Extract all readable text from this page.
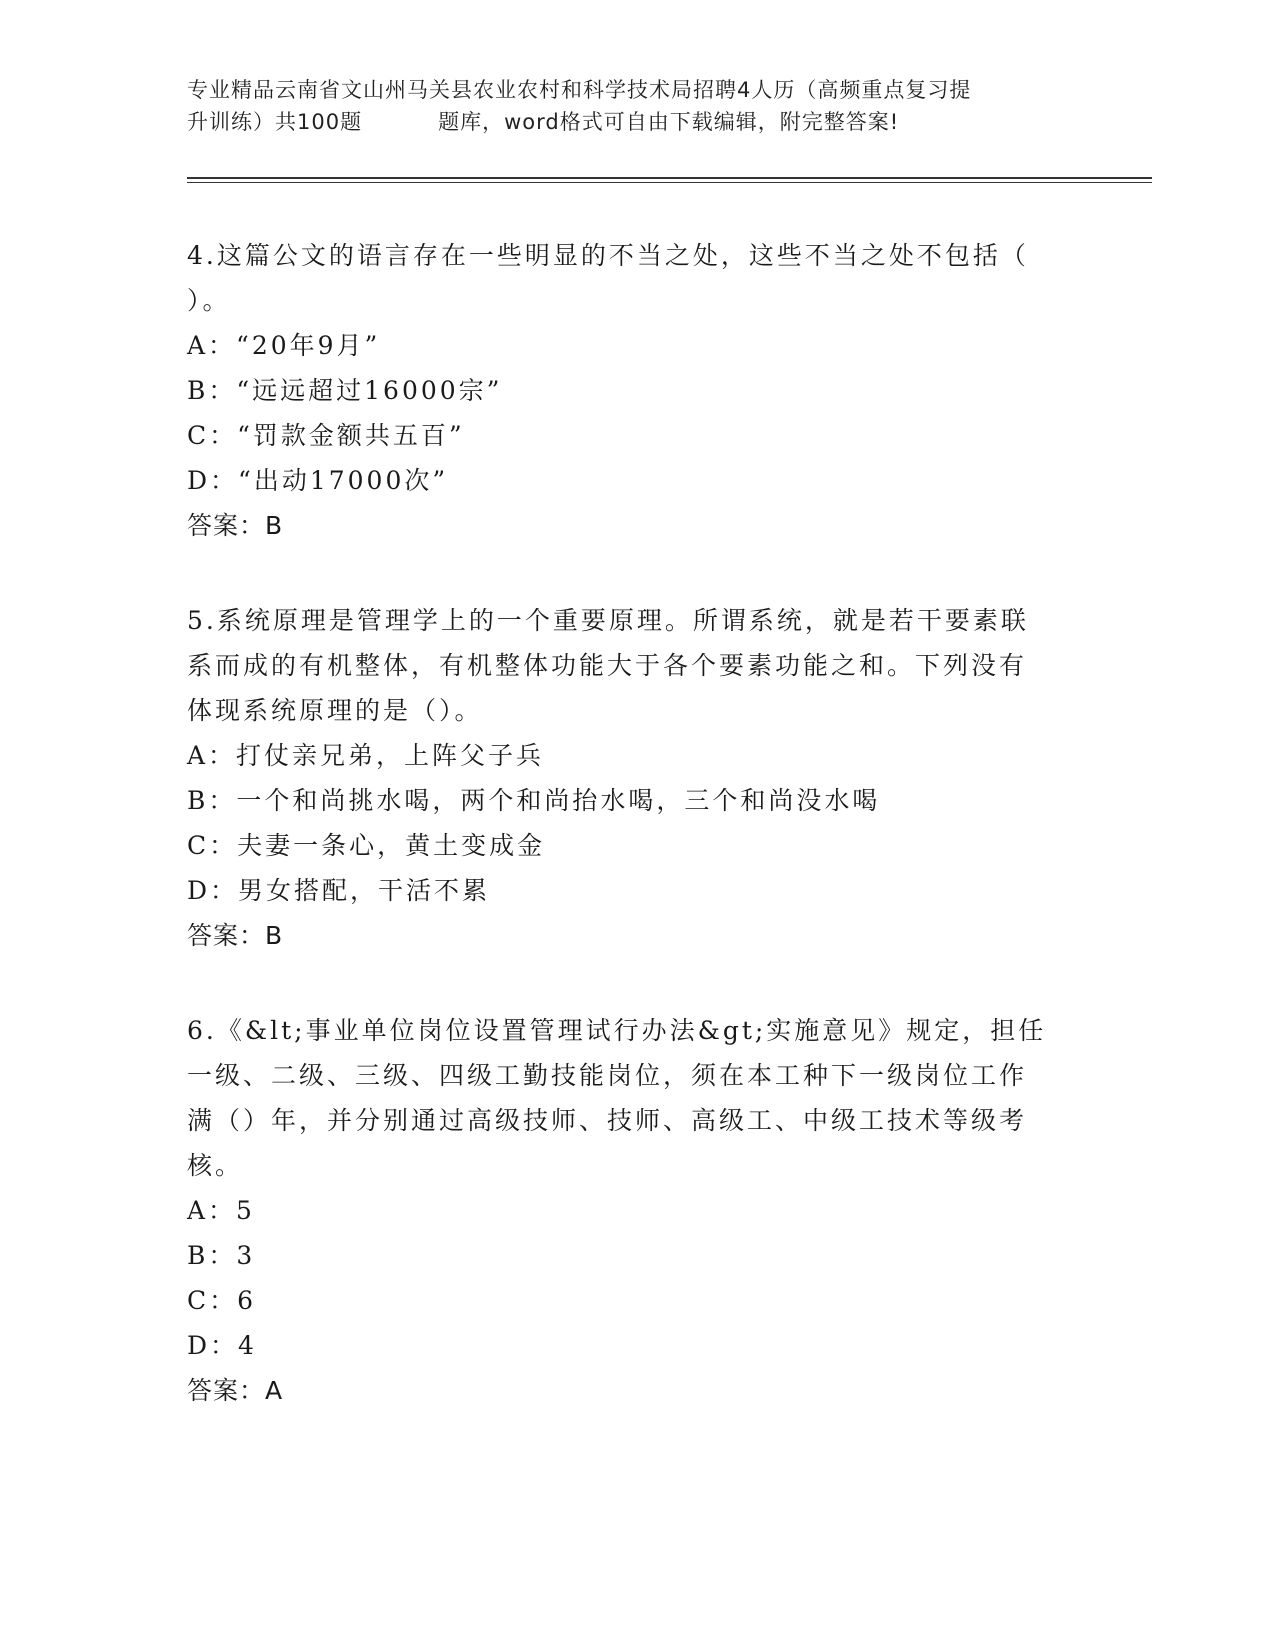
专业精品云南省文山州马关县农业农村和科学技术局招聘4人历（高频重点复习提
升训练）共100题	题库，word格式可自由下载编辑，附完整答案!

4.这篇公文的语言存在一些明显的不当之处，这些不当之处不包括（

）。

A：“20年9月”

B：“远远超过16000宗”

C：“罚款金额共五百”

D：“出动17000次”

答案：B

5.系统原理是管理学上的一个重要原理。所谓系统，就是若干要素联

系而成的有机整体，有机整体功能大于各个要素功能之和。下列没有

体现系统原理的是（）。

A：打仗亲兄弟，上阵父子兵

B：一个和尚挑水喝，两个和尚抬水喝，三个和尚没水喝

C：夫妻一条心，黄土变成金

D：男女搭配，干活不累

答案：B

6.《&lt;事业单位岗位设置管理试行办法&gt;实施意见》规定，担任

一级、二级、三级、四级工勤技能岗位，须在本工种下一级岗位工作

满（）年，并分别通过高级技师、技师、高级工、中级工技术等级考

核。

A：5

B：3

C：6

D：4

答案：A
